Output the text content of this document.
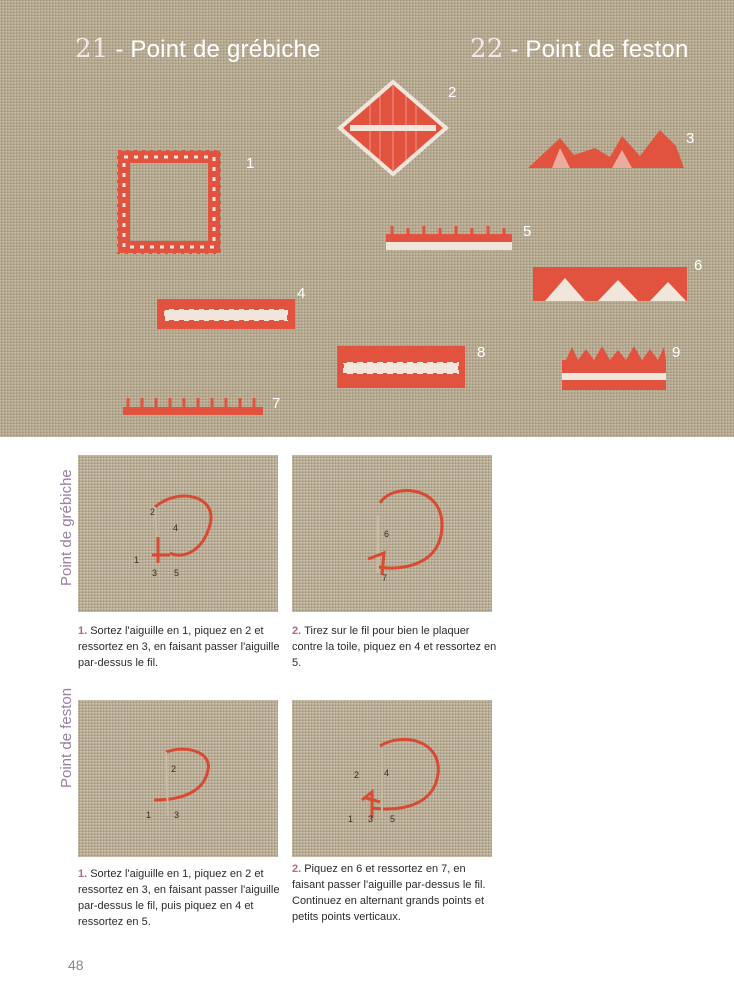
21 - Point de grébiche	22 - Point de feston
1
2
3
4
5
6
7
8	9
Point de grébiche	2
4
1
3 5
1. Sortez l'aiguille en 1, piquez en 2 et ressortez en 3, en faisant passer l'aiguille par-dessus le fil.
6
7
2. Tirez sur le fil pour bien le plaquer contre la toile, piquez en 4 et ressortez en 5.
Point de feston	2
1	3
1. Sortez l'aiguille en 1, piquez en 2 et ressortez en 3, en faisant passer l'aiguille par-dessus le fil, puis piquez en 4 et ressortez en 5.
2	4
1 3 5
2. Piquez en 6 et ressortez en 7, en faisant passer l'aiguille par-dessus le fil. Continuez en alternant grands points et petits points verticaux.
48
